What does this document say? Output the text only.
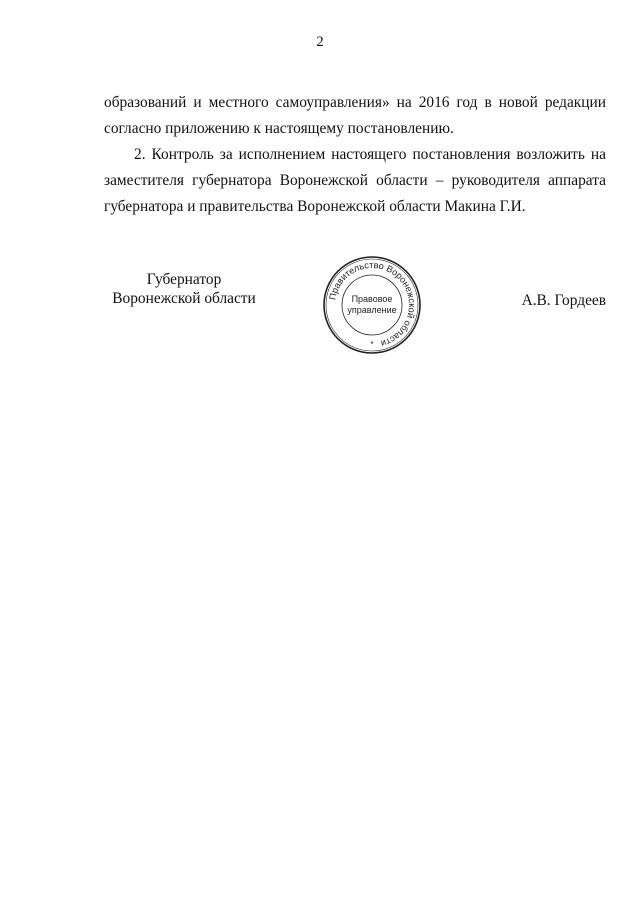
2

образований и местного самоуправления» на 2016 год в новой редакции

согласно приложению к настоящему постановлению.

2. Контроль за исполнением настоящего постановления возложить на

заместителя губернатора Воронежской области – руководителя аппарата

губернатора и правительства Воронежской области Макина Г.И.

Губернатор
Воронежской области	Правительство Воронежской области
Правовое
управление
*
А.В. Гордеев
